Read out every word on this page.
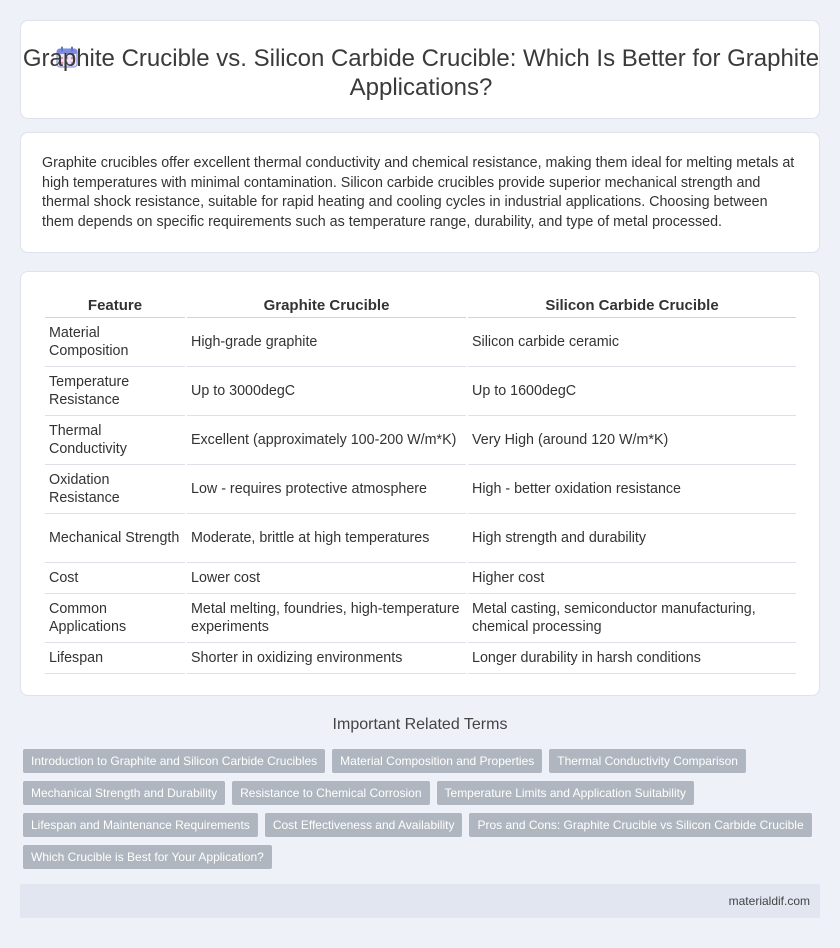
Graphite Crucible vs. Silicon Carbide Crucible: Which Is Better for Graphite Applications?

Graphite crucibles offer excellent thermal conductivity and chemical resistance, making them ideal for melting metals at high temperatures with minimal contamination. Silicon carbide crucibles provide superior mechanical strength and thermal shock resistance, suitable for rapid heating and cooling cycles in industrial applications. Choosing between them depends on specific requirements such as temperature range, durability, and type of metal processed.

Feature	Graphite Crucible	Silicon Carbide Crucible
Material Composition	High-grade graphite	Silicon carbide ceramic
Temperature Resistance	Up to 3000degC	Up to 1600degC
Thermal Conductivity	Excellent (approximately 100-200 W/m*K)	Very High (around 120 W/m*K)
Oxidation Resistance	Low - requires protective atmosphere	High - better oxidation resistance
Mechanical Strength	Moderate, brittle at high temperatures	High strength and durability
Cost	Lower cost	Higher cost
Common Applications	Metal melting, foundries, high-temperature experiments	Metal casting, semiconductor manufacturing, chemical processing
Lifespan	Shorter in oxidizing environments	Longer durability in harsh conditions
Important Related Terms
Introduction to Graphite and Silicon Carbide Crucibles	Material Composition and Properties	Thermal Conductivity Comparison
Mechanical Strength and Durability	Resistance to Chemical Corrosion	Temperature Limits and Application Suitability
Lifespan and Maintenance Requirements	Cost Effectiveness and Availability	Pros and Cons: Graphite Crucible vs Silicon Carbide Crucible
Which Crucible is Best for Your Application?
materialdif.com
